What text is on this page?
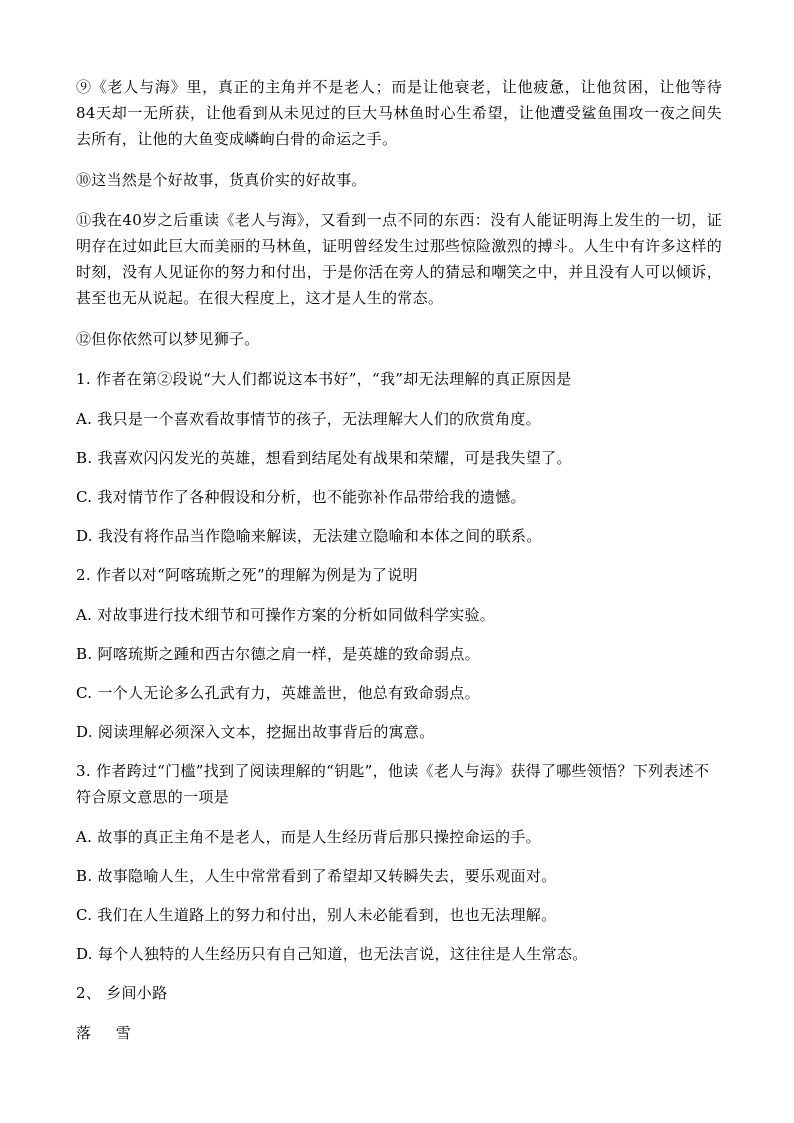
⑨《老人与海》里，真正的主角并不是老人；而是让他衰老，让他疲惫，让他贫困，让他等待84天却一无所获，让他看到从未见过的巨大马林鱼时心生希望，让他遭受鲨鱼围攻一夜之间失去所有，让他的大鱼变成嶙峋白骨的命运之手。

⑩这当然是个好故事，货真价实的好故事。

⑪我在40岁之后重读《老人与海》，又看到一点不同的东西：没有人能证明海上发生的一切，证明存在过如此巨大而美丽的马林鱼，证明曾经发生过那些惊险激烈的搏斗。人生中有许多这样的时刻，没有人见证你的努力和付出，于是你活在旁人的猜忌和嘲笑之中，并且没有人可以倾诉，甚至也无从说起。在很大程度上，这才是人生的常态。

⑫但你依然可以梦见狮子。

1. 作者在第②段说“大人们都说这本书好”，“我”却无法理解的真正原因是

A. 我只是一个喜欢看故事情节的孩子，无法理解大人们的欣赏角度。

B. 我喜欢闪闪发光的英雄，想看到结尾处有战果和荣耀，可是我失望了。

C. 我对情节作了各种假设和分析，也不能弥补作品带给我的遗憾。

D. 我没有将作品当作隐喻来解读，无法建立隐喻和本体之间的联系。

2. 作者以对“阿喀琉斯之死”的理解为例是为了说明

A. 对故事进行技术细节和可操作方案的分析如同做科学实验。

B. 阿喀琉斯之踵和西古尔德之肩一样，是英雄的致命弱点。

C. 一个人无论多么孔武有力，英雄盖世，他总有致命弱点。

D. 阅读理解必须深入文本，挖掘出故事背后的寓意。

3. 作者跨过“门槛”找到了阅读理解的“钥匙”，他读《老人与海》获得了哪些领悟？下列表述不符合原文意思的一项是

A. 故事的真正主角不是老人，而是人生经历背后那只操控命运的手。

B. 故事隐喻人生，人生中常常看到了希望却又转瞬失去，要乐观面对。

C. 我们在人生道路上的努力和付出，别人未必能看到，也也无法理解。

D. 每个人独特的人生经历只有自己知道，也无法言说，这往往是人生常态。

2、 乡间小路

落 雪
